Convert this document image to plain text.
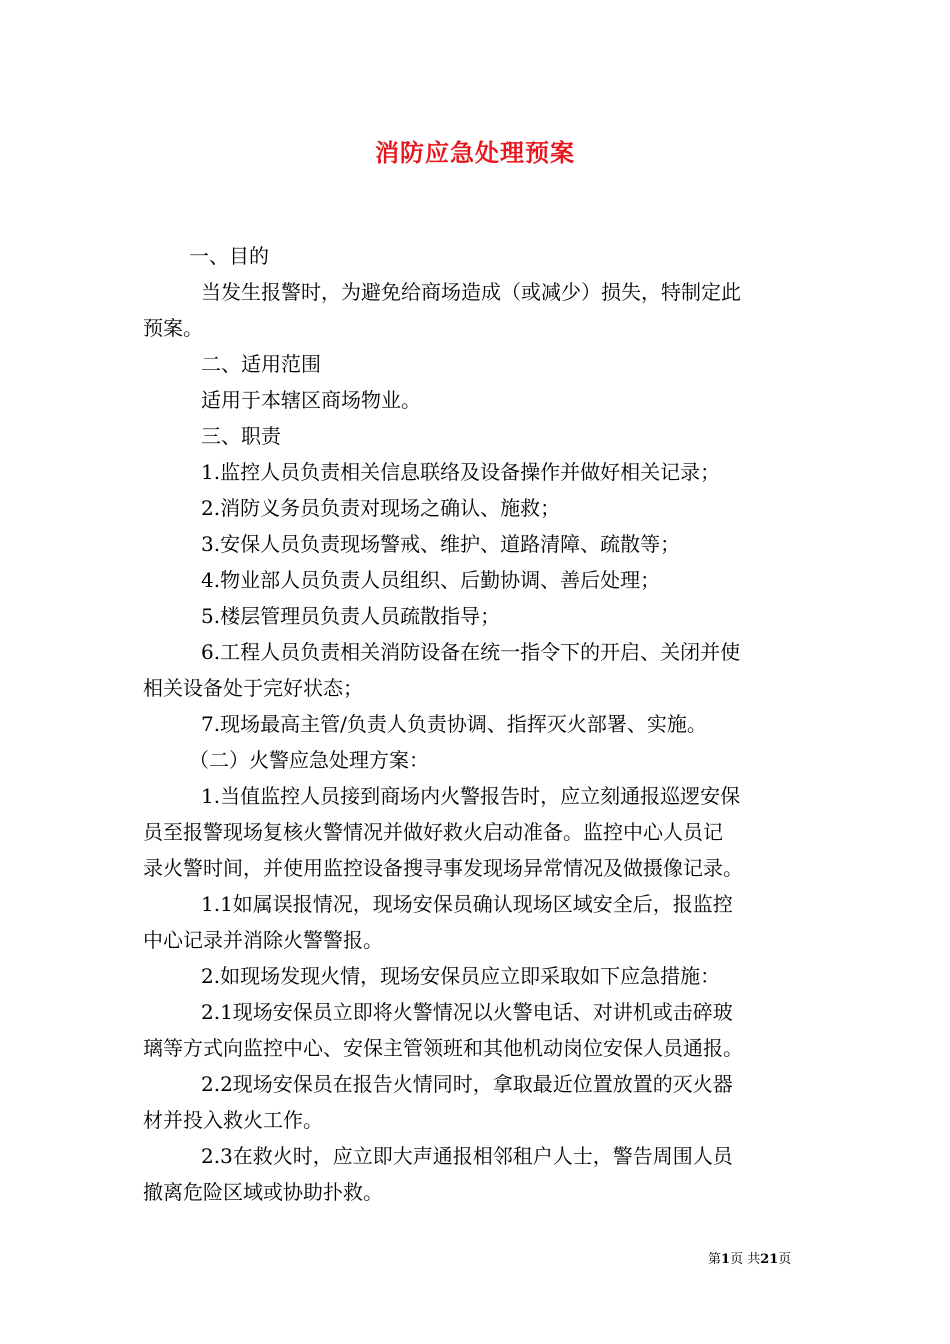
消防应急处理预案
一、目的
当发生报警时，为避免给商场造成（或减少）损失，特制定此
预案。
二、适用范围
适用于本辖区商场物业。
三、职责
1.监控人员负责相关信息联络及设备操作并做好相关记录；
2.消防义务员负责对现场之确认、施救；
3.安保人员负责现场警戒、维护、道路清障、疏散等；
4.物业部人员负责人员组织、后勤协调、善后处理；
5.楼层管理员负责人员疏散指导；
6.工程人员负责相关消防设备在统一指令下的开启、关闭并使
相关设备处于完好状态；
7.现场最高主管/负责人负责协调、指挥灭火部署、实施。
（二）火警应急处理方案：
1.当值监控人员接到商场内火警报告时，应立刻通报巡逻安保
员至报警现场复核火警情况并做好救火启动准备。监控中心人员记
录火警时间，并使用监控设备搜寻事发现场异常情况及做摄像记录。
1.1如属误报情况，现场安保员确认现场区域安全后，报监控
中心记录并消除火警警报。
2.如现场发现火情，现场安保员应立即采取如下应急措施：
2.1现场安保员立即将火警情况以火警电话、对讲机或击碎玻
璃等方式向监控中心、安保主管领班和其他机动岗位安保人员通报。
2.2现场安保员在报告火情同时，拿取最近位置放置的灭火器
材并投入救火工作。
2.3在救火时，应立即大声通报相邻租户人士，警告周围人员
撤离危险区域或协助扑救。
第1页 共21页
